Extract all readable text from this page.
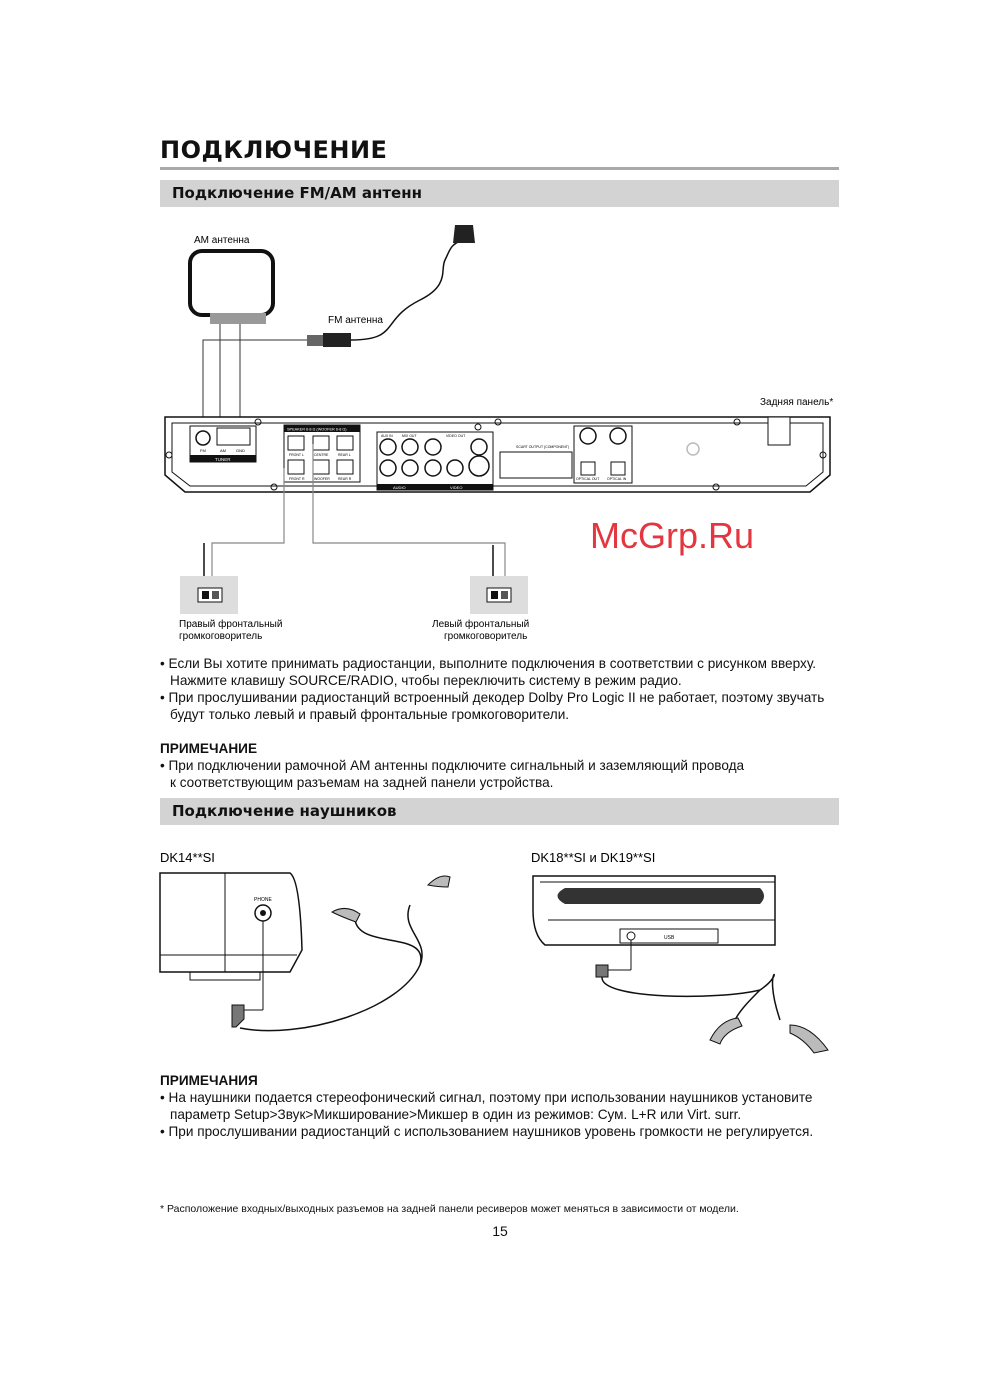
ПОДКЛЮЧЕНИЕ
Подключение FM/AM антенн
AM антенна
FM антенна
Задняя панель*
TUNER
FM	AM	GND
SPEAKER 6-8 Ω (WOOFER 6-8 Ω)
FRONT L	CENTRE	REAR L
FRONT R	WOOFER REAR R
AUDIO	VIDEO
AUX IN	MIX OUT	VIDEO OUT
SCART OUTPUT (COMPONENT)
OPTICAL OUT OPTICAL IN
Правый фронтальный
громкоговоритель
Левый фронтальный
громкоговоритель
DK14**SI
PHONE
DK18**SI и DK19**SI
USB

• Если Вы хотите принимать радиостанции, выполните подключения в соответствии с рисунком вверху.
Нажмите клавишу SOURCE/RADIO, чтобы переключить систему в режим радио.

• При прослушивании радиостанций встроенный декодер Dolby Pro Logic II не работает, поэтому звучать
будут только левый и правый фронтальные громкоговорители.

ПРИМЕЧАНИЕ

• При подключении рамочной AM антенны подключите сигнальный и заземляющий провода
к соответствующим разъемам на задней панели устройства.

McGrp.Ru
Подключение наушников
ПРИМЕЧАНИЯ

• На наушники подается стереофонический сигнал, поэтому при использовании наушников установите
параметр Setup>Звук>Микширование>Микшер в один из режимов: Сум. L+R или Virt. surr.

• При прослушивании радиостанций с использованием наушников уровень громкости не регулируется.

* Расположение входных/выходных разъемов на задней панели ресиверов может меняться в зависимости от модели.
15
